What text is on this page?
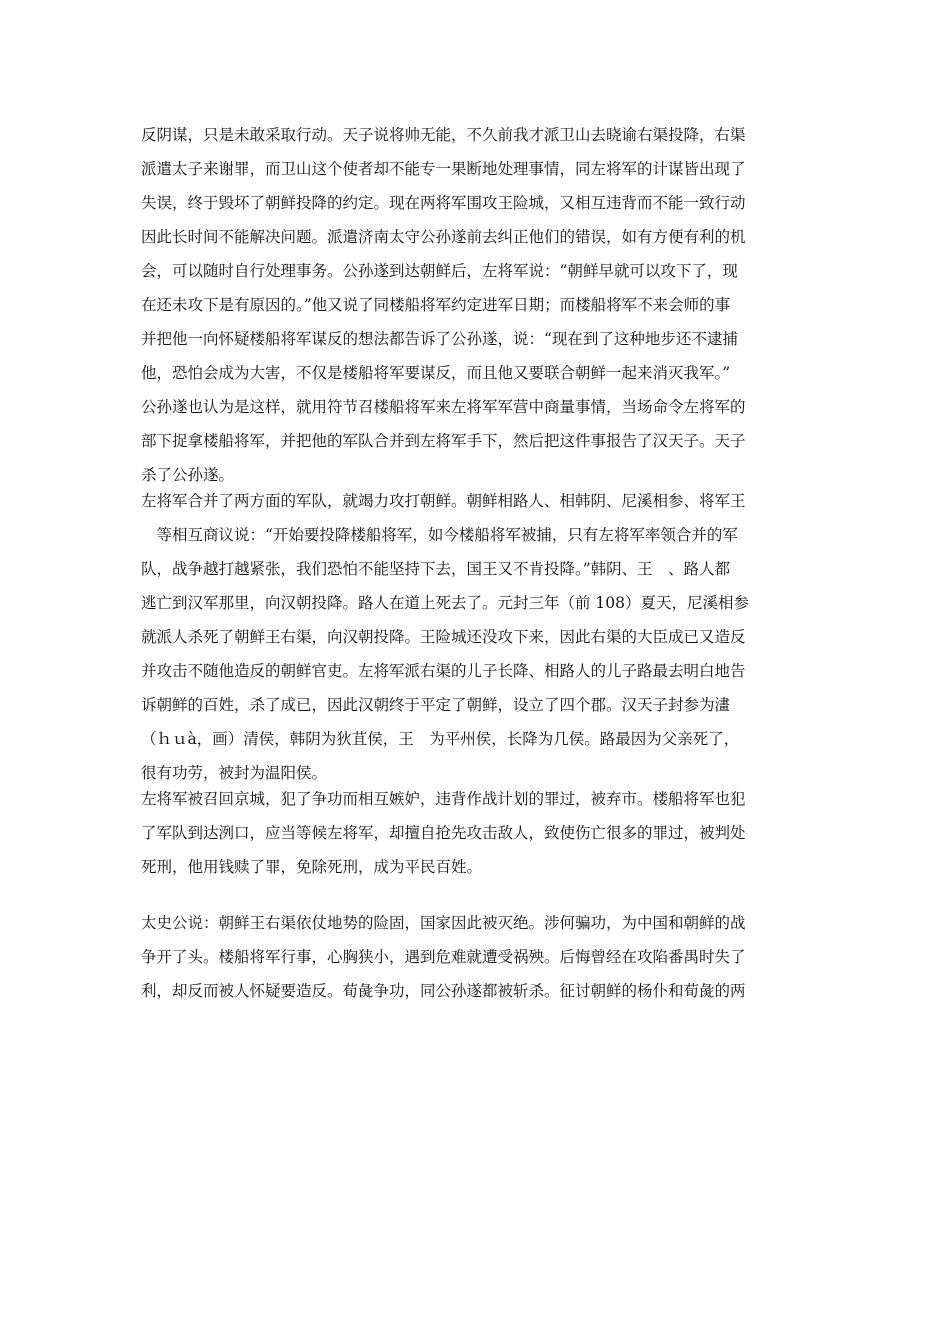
反阴谋，只是未敢采取行动。天子说将帅无能，不久前我才派卫山去晓谕右渠投降，右渠
派遣太子来谢罪，而卫山这个使者却不能专一果断地处理事情，同左将军的计谋皆出现了
失误，终于毁坏了朝鲜投降的约定。现在两将军围攻王险城，又相互违背而不能一致行动
因此长时间不能解决问题。派遣济南太守公孙遂前去纠正他们的错误，如有方便有利的机
会，可以随时自行处理事务。公孙遂到达朝鲜后，左将军说：“朝鲜早就可以攻下了，现
在还未攻下是有原因的。”他又说了同楼船将军约定进军日期；而楼船将军不来会师的事
并把他一向怀疑楼船将军谋反的想法都告诉了公孙遂，说：“现在到了这种地步还不逮捕
他，恐怕会成为大害，不仅是楼船将军要谋反，而且他又要联合朝鲜一起来消灭我军。”
公孙遂也认为是这样，就用符节召楼船将军来左将军军营中商量事情，当场命令左将军的
部下捉拿楼船将军，并把他的军队合并到左将军手下，然后把这件事报告了汉天子。天子
杀了公孙遂。
左将军合并了两方面的军队，就竭力攻打朝鲜。朝鲜相路人、相韩阴、尼溪相参、将军王
　等相互商议说：“开始要投降楼船将军，如今楼船将军被捕，只有左将军率领合并的军
队，战争越打越紧张，我们恐怕不能坚持下去，国王又不肯投降。”韩阴、王　、路人都
逃亡到汉军那里，向汉朝投降。路人在道上死去了。元封三年（前 108）夏天，尼溪相参
就派人杀死了朝鲜王右渠，向汉朝投降。王险城还没攻下来，因此右渠的大臣成已又造反
并攻击不随他造反的朝鲜官吏。左将军派右渠的儿子长降、相路人的儿子路最去明白地告
诉朝鲜的百姓，杀了成已，因此汉朝终于平定了朝鲜，设立了四个郡。汉天子封参为澅
（ｈｕà，画）清侯，韩阴为狄苴侯，王　为平州侯，长降为几侯。路最因为父亲死了，
很有功劳，被封为温阳侯。
左将军被召回京城，犯了争功而相互嫉妒，违背作战计划的罪过，被弃市。楼船将军也犯
了军队到达洌口，应当等候左将军，却擅自抢先攻击敌人，致使伤亡很多的罪过，被判处
死刑，他用钱赎了罪，免除死刑，成为平民百姓。
太史公说：朝鲜王右渠依仗地势的险固，国家因此被灭绝。涉何骗功，为中国和朝鲜的战
争开了头。楼船将军行事，心胸狭小，遇到危难就遭受祸殃。后悔曾经在攻陷番禺时失了
利，却反而被人怀疑要造反。荀彘争功，同公孙遂都被斩杀。征讨朝鲜的杨仆和荀彘的两
